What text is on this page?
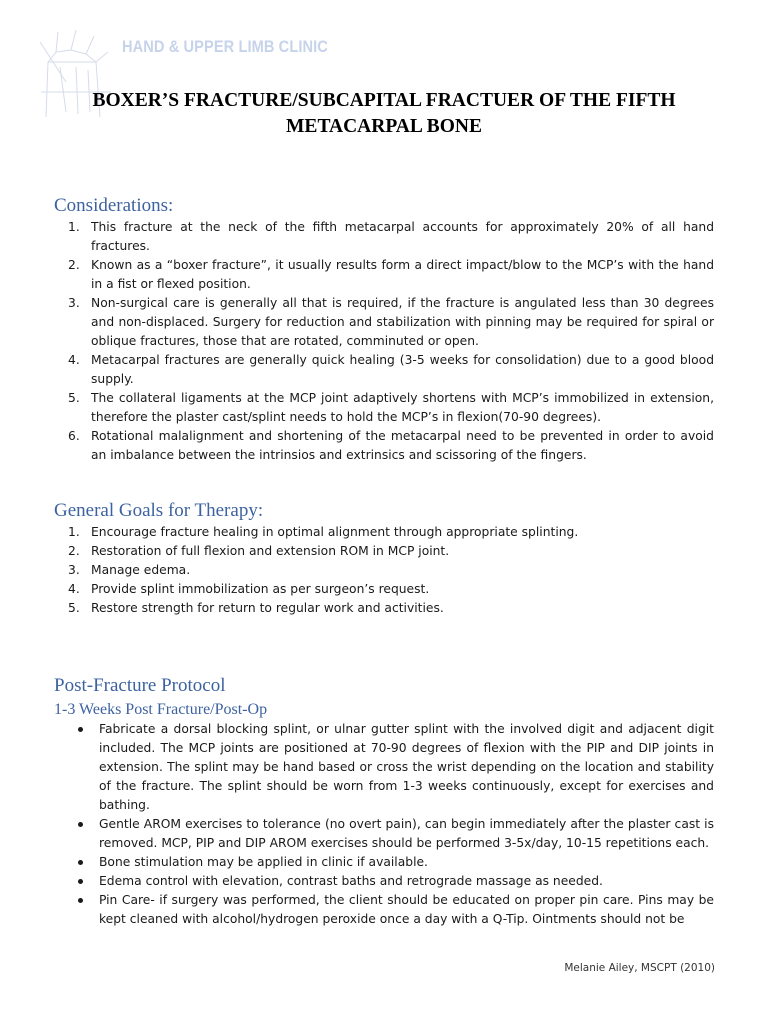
HAND & UPPER LIMB CLINIC
BOXER’S FRACTURE/SUBCAPITAL FRACTUER OF THE FIFTH
METACARPAL BONE
Considerations:
1. This fracture at the neck of the fifth metacarpal accounts for approximately 20% of all hand fractures.
2. Known as a “boxer fracture”, it usually results form a direct impact/blow to the MCP’s with the hand in a fist or flexed position.
3. Non-surgical care is generally all that is required, if the fracture is angulated less than 30 degrees and non-displaced. Surgery for reduction and stabilization with pinning may be required for spiral or oblique fractures, those that are rotated, comminuted or open.
4. Metacarpal fractures are generally quick healing (3-5 weeks for consolidation) due to a good blood supply.
5. The collateral ligaments at the MCP joint adaptively shortens with MCP’s immobilized in extension, therefore the plaster cast/splint needs to hold the MCP’s in flexion(70-90 degrees).
6. Rotational malalignment and shortening of the metacarpal need to be prevented in order to avoid an imbalance between the intrinsios and extrinsics and scissoring of the fingers.
General Goals for Therapy:
1. Encourage fracture healing in optimal alignment through appropriate splinting.
2. Restoration of full flexion and extension ROM in MCP joint.
3. Manage edema.
4. Provide splint immobilization as per surgeon’s request.
5. Restore strength for return to regular work and activities.
Post-Fracture Protocol
1-3 Weeks Post Fracture/Post-Op
Fabricate a dorsal blocking splint, or ulnar gutter splint with the involved digit and adjacent digit included. The MCP joints are positioned at 70-90 degrees of flexion with the PIP and DIP joints in extension. The splint may be hand based or cross the wrist depending on the location and stability of the fracture. The splint should be worn from 1-3 weeks continuously, except for exercises and bathing.
Gentle AROM exercises to tolerance (no overt pain), can begin immediately after the plaster cast is removed. MCP, PIP and DIP AROM exercises should be performed 3-5x/day, 10-15 repetitions each.
Bone stimulation may be applied in clinic if available.
Edema control with elevation, contrast baths and retrograde massage as needed.
Pin Care- if surgery was performed, the client should be educated on proper pin care. Pins may be kept cleaned with alcohol/hydrogen peroxide once a day with a Q-Tip. Ointments should not be
Melanie Ailey, MSCPT (2010)
